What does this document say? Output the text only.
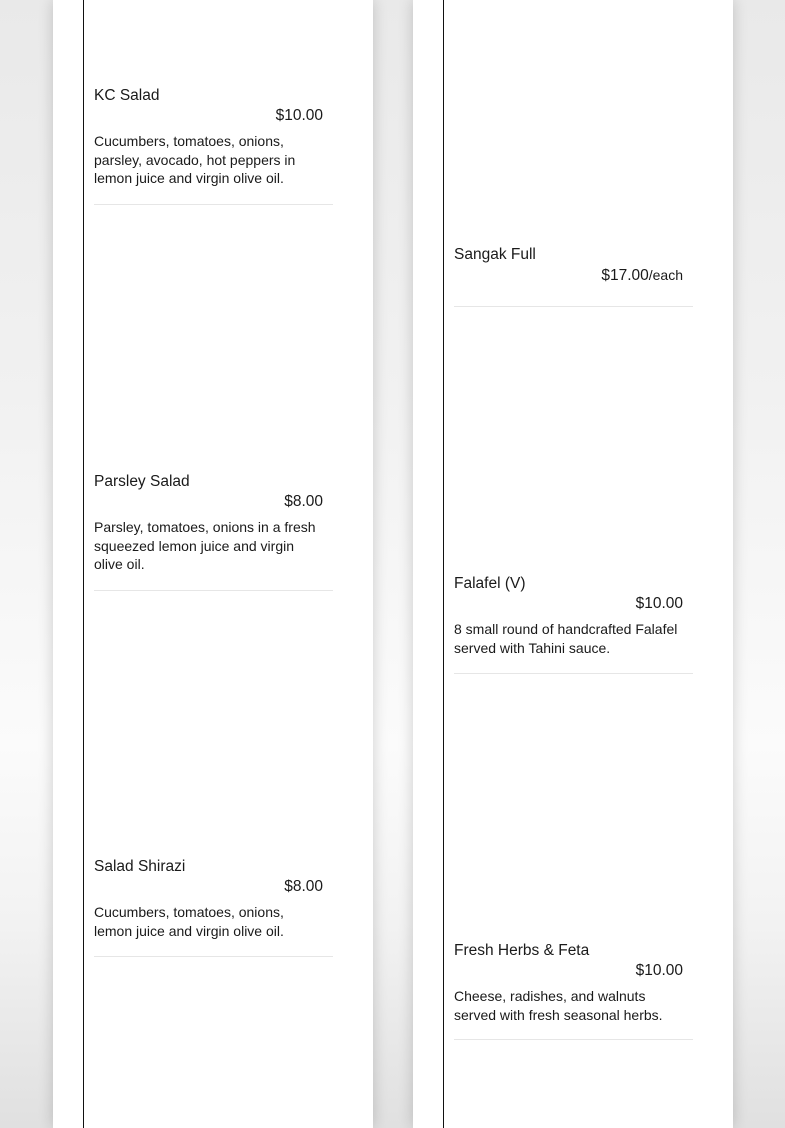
KC Salad
$10.00
Cucumbers, tomatoes, onions, parsley, avocado, hot peppers in lemon juice and virgin olive oil.
Parsley Salad
$8.00
Parsley, tomatoes, onions in a fresh squeezed lemon juice and virgin olive oil.
Salad Shirazi
$8.00
Cucumbers, tomatoes, onions, lemon juice and virgin olive oil.
Sangak Full
$17.00/each
Falafel (V)
$10.00
8 small round of handcrafted Falafel served with Tahini sauce.
Fresh Herbs & Feta
$10.00
Cheese, radishes, and walnuts served with fresh seasonal herbs.
